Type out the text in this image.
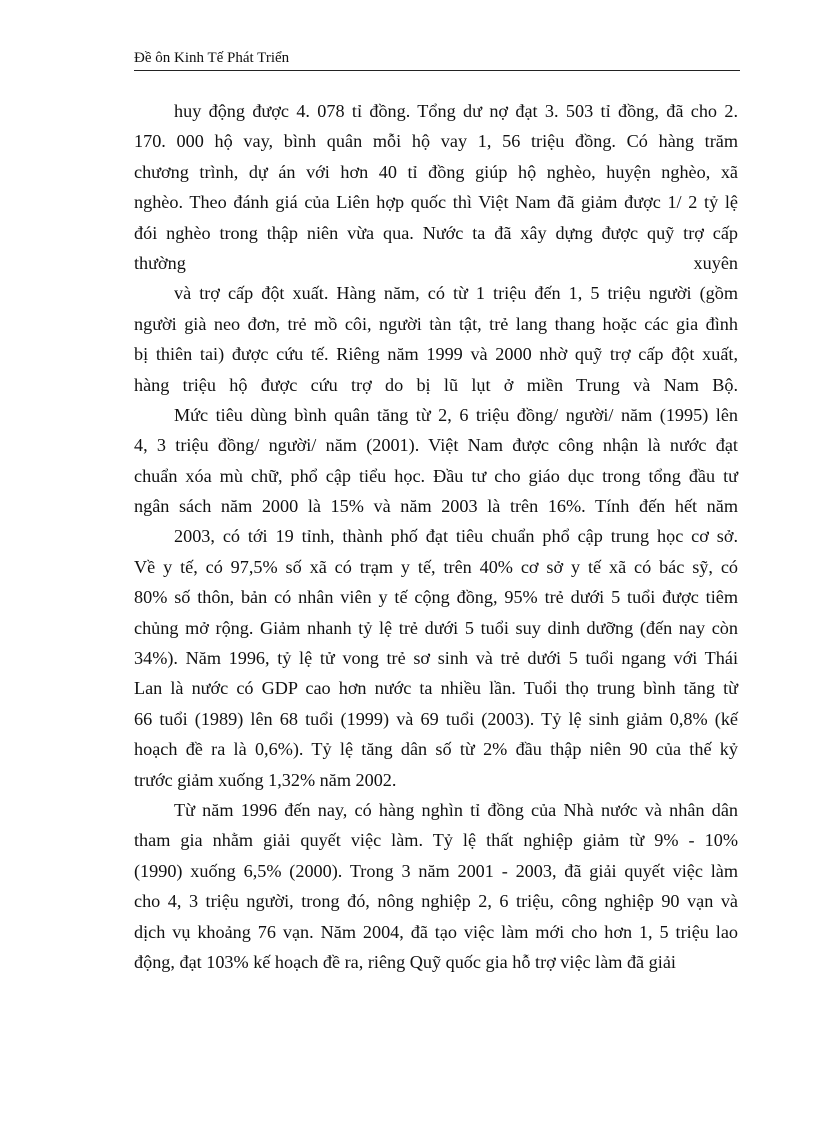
Đề ôn Kinh Tế Phát Triển
huy động được 4. 078 tỉ đồng. Tổng dư nợ đạt 3. 503 tỉ đồng, đã cho 2.
170. 000 hộ vay, bình quân mỗi hộ vay 1, 56 triệu đồng. Có hàng trăm
chương trình, dự án với hơn 40 tỉ đồng giúp hộ nghèo, huyện nghèo, xã
nghèo. Theo đánh giá của Liên hợp quốc thì Việt Nam đã giảm được 1/ 2 tỷ lệ
đói nghèo trong thập niên vừa qua. Nước ta đã xây dựng được quỹ trợ cấp
thường xuyên
và trợ cấp đột xuất. Hàng năm, có từ 1 triệu đến 1, 5 triệu người (gồm
người già neo đơn, trẻ mồ côi, người tàn tật, trẻ lang thang hoặc các gia đình
bị thiên tai) được cứu tế. Riêng năm 1999 và 2000 nhờ quỹ trợ cấp đột xuất,
hàng triệu hộ được cứu trợ do bị lũ lụt ở miền Trung và Nam Bộ.
Mức tiêu dùng bình quân tăng từ 2, 6 triệu đồng/ người/ năm (1995) lên
4, 3 triệu đồng/ người/ năm (2001). Việt Nam được công nhận là nước đạt
chuẩn xóa mù chữ, phổ cập tiểu học. Đầu tư cho giáo dục trong tổng đầu tư
ngân sách năm 2000 là 15% và năm 2003 là trên 16%. Tính đến hết năm
2003, có tới 19 tỉnh, thành phố đạt tiêu chuẩn phổ cập trung học cơ sở.
Về y tế, có 97,5% số xã có trạm y tế, trên 40% cơ sở y tế xã có bác sỹ, có
80% số thôn, bản có nhân viên y tế cộng đồng, 95% trẻ dưới 5 tuổi được tiêm
chủng mở rộng. Giảm nhanh tỷ lệ trẻ dưới 5 tuổi suy dinh dưỡng (đến nay còn
34%). Năm 1996, tỷ lệ tử vong trẻ sơ sinh và trẻ dưới 5 tuổi ngang với Thái
Lan là nước có GDP cao hơn nước ta nhiều lần. Tuổi thọ trung bình tăng từ
66 tuổi (1989) lên 68 tuổi (1999) và 69 tuổi (2003). Tỷ lệ sinh giảm 0,8% (kế
hoạch đề ra là 0,6%). Tỷ lệ tăng dân số từ 2% đầu thập niên 90 của thế kỷ
trước giảm xuống 1,32% năm 2002.
Từ năm 1996 đến nay, có hàng nghìn tỉ đồng của Nhà nước và nhân dân
tham gia nhằm giải quyết việc làm. Tỷ lệ thất nghiệp giảm từ 9% - 10%
(1990) xuống 6,5% (2000). Trong 3 năm 2001 - 2003, đã giải quyết việc làm
cho 4, 3 triệu người, trong đó, nông nghiệp 2, 6 triệu, công nghiệp 90 vạn và
dịch vụ khoảng 76 vạn. Năm 2004, đã tạo việc làm mới cho hơn 1, 5 triệu lao
động, đạt 103% kế hoạch đề ra, riêng Quỹ quốc gia hỗ trợ việc làm đã giải
